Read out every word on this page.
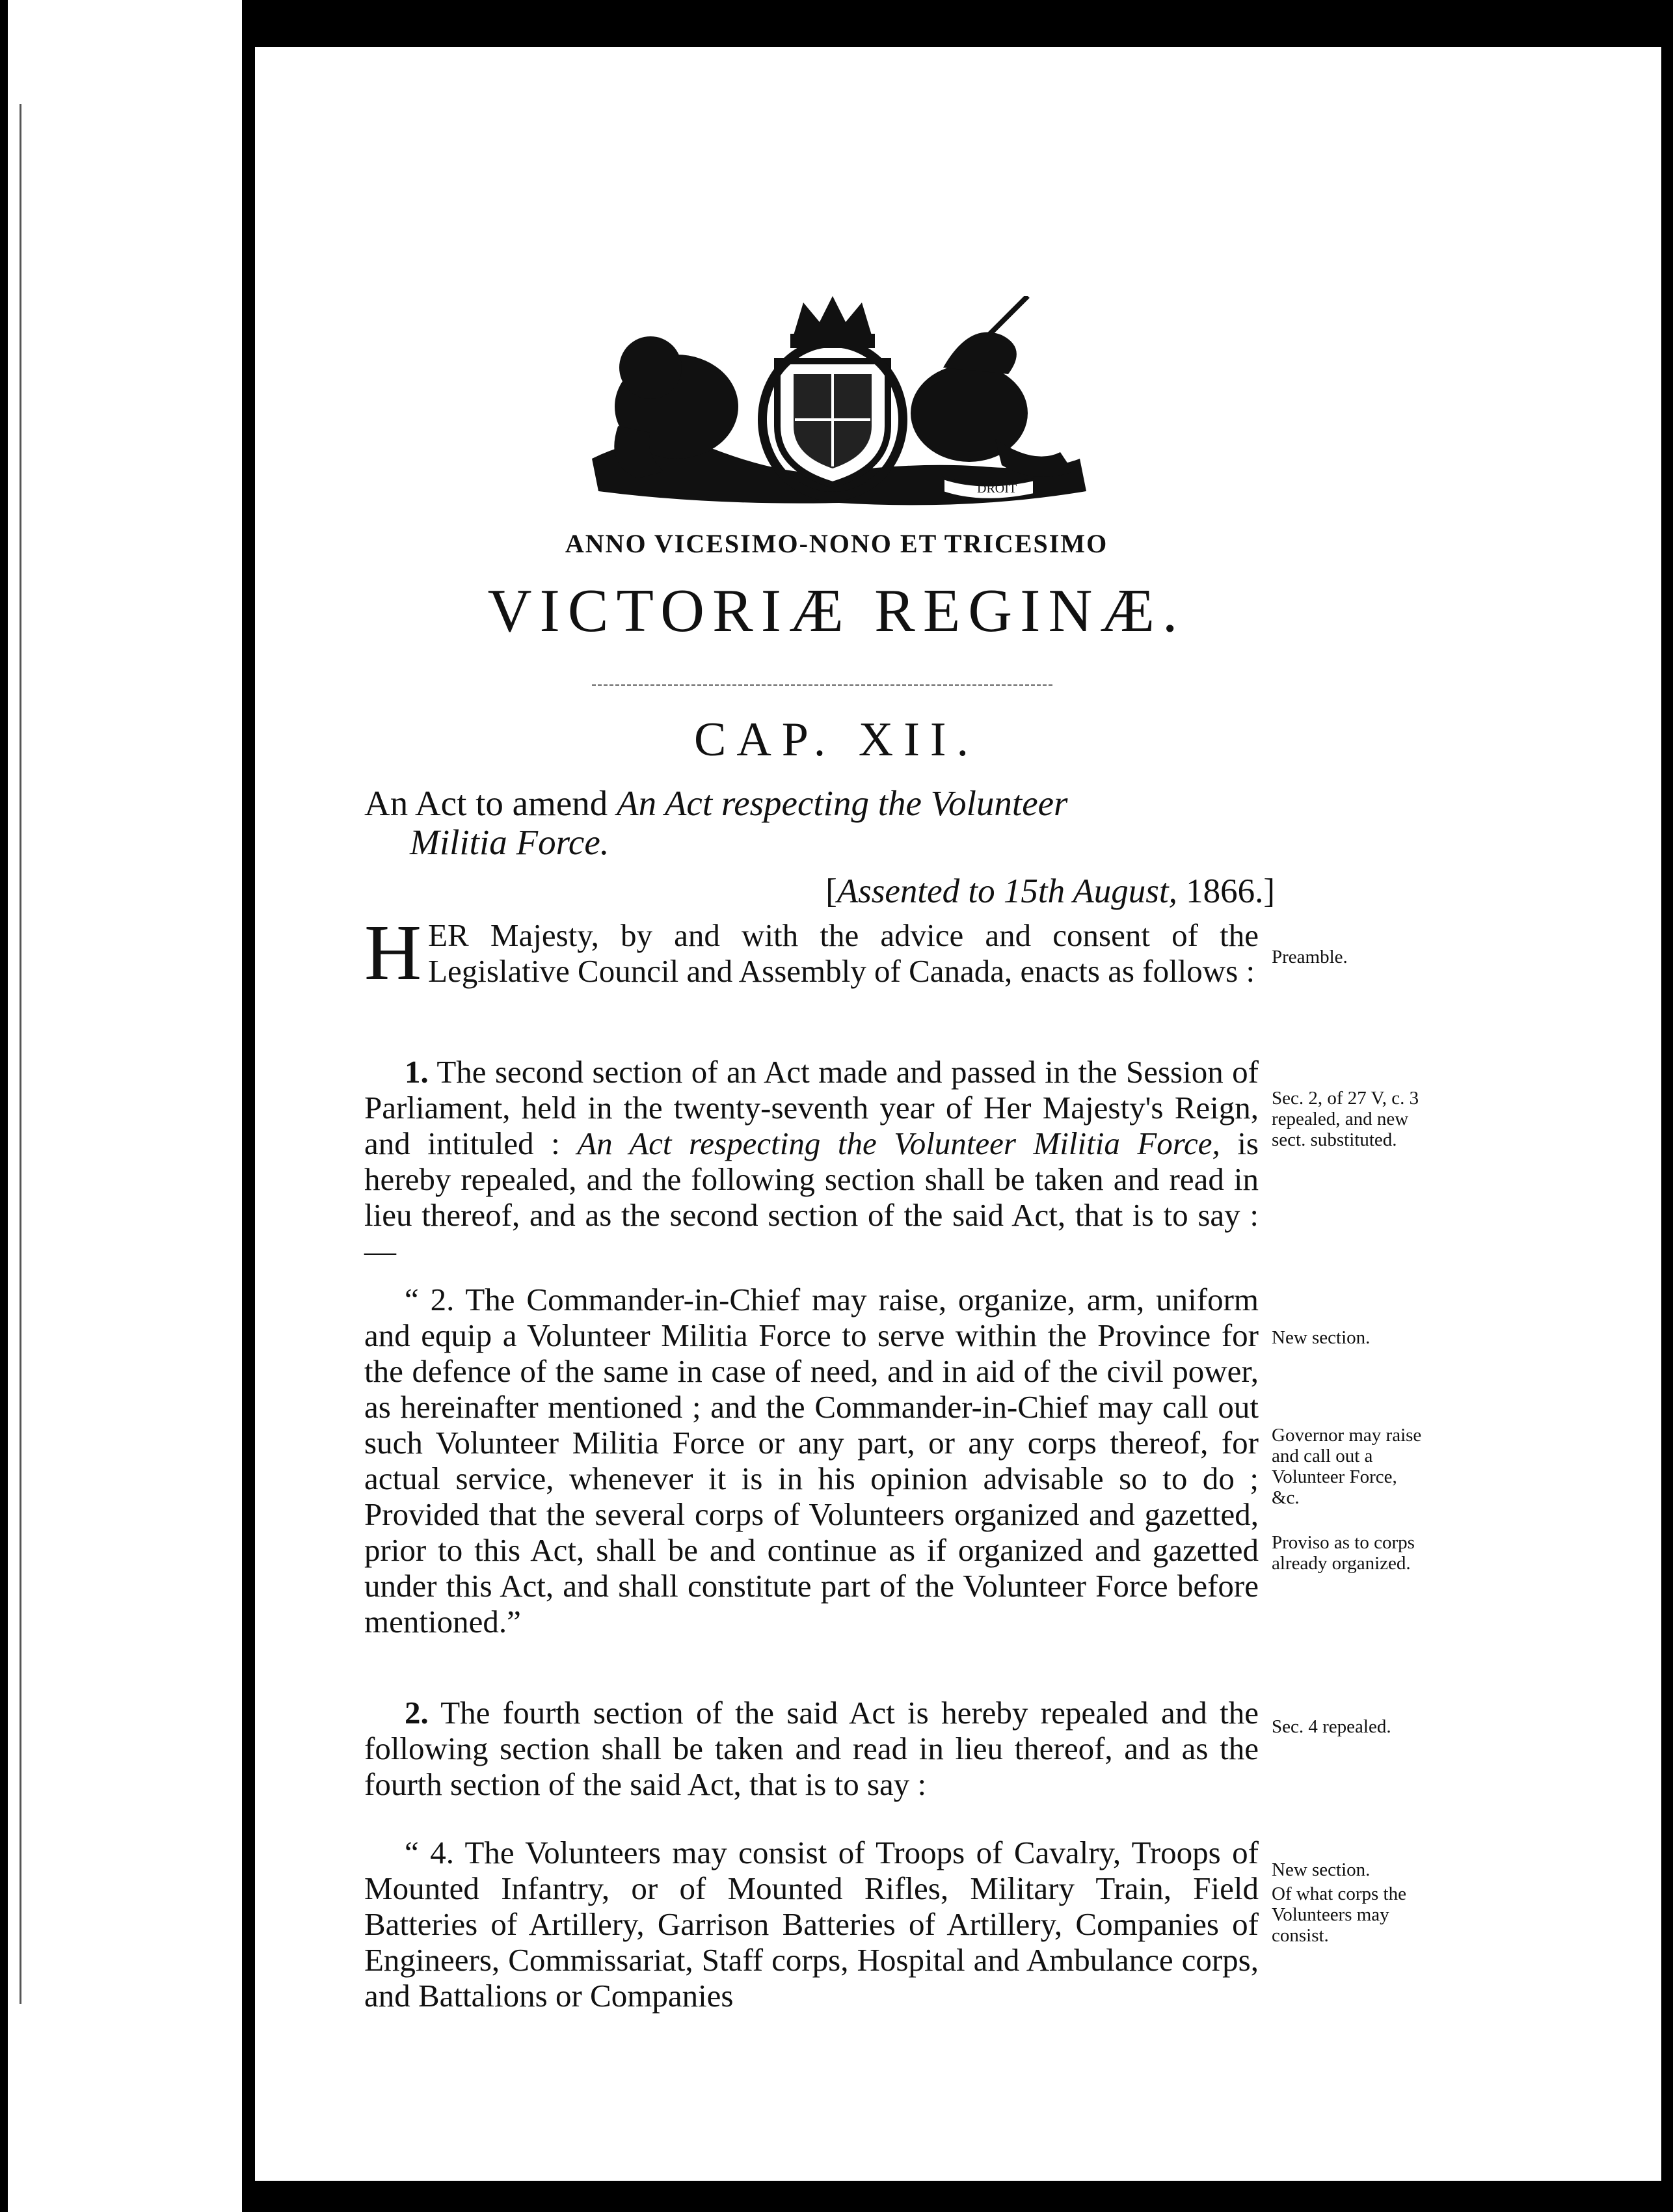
DROIT
ANNO VICESIMO-NONO ET TRICESIMO
VICTORIÆ REGINÆ.
CAP. XII.
An Act to amend An Act respecting the Volunteer
Militia Force.
[Assented to 15th August, 1866.]
HER Majesty, by and with the advice and consent of the Legislative Council and Assembly of Canada, enacts as follows :
1. The second section of an Act made and passed in the Session of Parliament, held in the twenty-seventh year of Her Majesty's Reign, and intituled : An Act respecting the Volunteer Militia Force, is hereby repealed, and the following section shall be taken and read in lieu thereof, and as the second section of the said Act, that is to say :—
“ 2. The Commander-in-Chief may raise, organize, arm, uniform and equip a Volunteer Militia Force to serve within the Province for the defence of the same in case of need, and in aid of the civil power, as hereinafter mentioned ; and the Commander-in-Chief may call out such Volunteer Militia Force or any part, or any corps thereof, for actual service, whenever it is in his opinion advisable so to do ; Provided that the several corps of Volunteers organized and gazetted, prior to this Act, shall be and continue as if organized and gazetted under this Act, and shall constitute part of the Volunteer Force before mentioned.”
2. The fourth section of the said Act is hereby repealed and the following section shall be taken and read in lieu thereof, and as the fourth section of the said Act, that is to say :
“ 4. The Volunteers may consist of Troops of Cavalry, Troops of Mounted Infantry, or of Mounted Rifles, Military Train, Field Batteries of Artillery, Garrison Batteries of Artillery, Companies of Engineers, Commissariat, Staff corps, Hospital and Ambulance corps, and Battalions or Companies
Preamble.
Sec. 2, of 27 V, c. 3 repealed, and new sect. substituted.
New section.
Governor may raise and call out a Volunteer Force, &c.
Proviso as to corps already organized.
Sec. 4 repealed.
New section.
Of what corps the Volunteers may consist.
